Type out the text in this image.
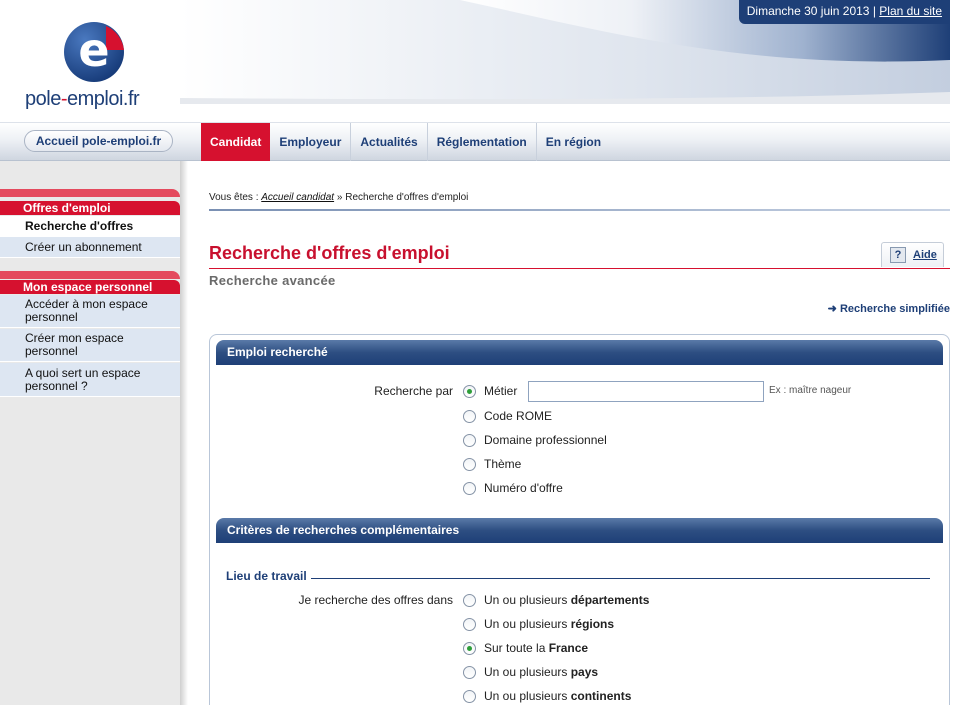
Dimanche 30 juin 2013 | Plan du site
e
pole-emploi.fr
Accueil pole-emploi.fr	Candidat	Employeur	Actualités	Réglementation	En région
Offres d'emploi
Recherche d'offres
Créer un abonnement
Mon espace personnel
Accéder à mon espace
personnel
Créer mon espace
personnel
A quoi sert un espace
personnel ?
Vous êtes : Accueil candidat » Recherche d'offres d'emploi
Recherche d'offres d'emploi
Recherche avancée
?	Aide
➜ Recherche simplifiée
Emploi recherché
Recherche par	Métier	Ex : maître nageur
Code ROME
Domaine professionnel
Thème
Numéro d'offre
Critères de recherches complémentaires
Lieu de travail
Je recherche des offres dans	Un ou plusieurs départements
Un ou plusieurs régions
Sur toute la France
Un ou plusieurs pays
Un ou plusieurs continents
